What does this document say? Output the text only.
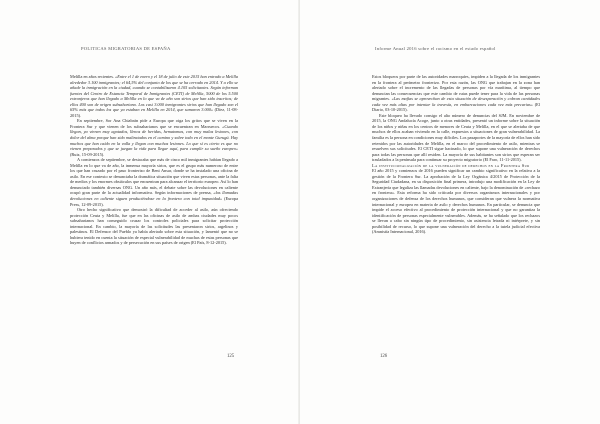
POLITICAS MIGRATORIAS DE ESPAÑA

Melilla en años recientes. «Entre el 1 de enero y el 18 de julio de este 2015 han entrado a Melilla alrededor 3.100 inmigrantes; el 64,5% del conjunto de los que se ha cerrado en 2014. Y a ello se añade la inmigración en la ciudad, cuando se contabilizaron 4.105 solicitantes. Según informan fuentes del Centro de Estancia Temporal de Inmigrantes (CETI) de Melilla, 5000 de los 5.500 extranjeros que han llegado a Melilla en lo que va de año son sirios que han sido inscritos; de ellos 400 son de origen subsahariano. Los casi 3.000 inmigrantes sirios que han llegado son el 65% más que todos los que ya estaban en Melilla en 2014, que sumaron 3.000» (Díez, 11-08-2015).

En septiembre, Sor Ana Chiabrán pide a Europa que oiga los gritos que se viven en la Frontera Sur y que vienen de los subsaharianos que se encuentran en Marruecos. «Cuando llegan, ya vienen muy agotados, llenos de heridas, hematomas, con muy malas lesiones, con dolor del alma porque han sido maltratados en el camino y sobre todo en el monte Gurugú. Hay muchos que han caído en la valla y llegan con muchas lesiones. Lo que sí es cierto es que no vienen preparados y que se juegan la vida para llegar aquí, para cumplir su sueño europeo» (Ruiz, 15-09-2015).

A comienzos de septiembre, se destacaba que más de cinco mil inmigrantes habían llegado a Melilla en lo que va de año, la inmensa mayoría sirios, que es el grupo más numeroso de entre los que han cruzado por el paso fronterizo de Beni Ansar, donde se ha instalado una oficina de asilo. En ese contexto se denunciaba la dramática situación que viven estas personas, ante la falta de medios y los enormes obstáculos que encuentran para alcanzar el territorio europeo. Así lo han denunciado también diversas ONG. Un año más, el debate sobre las devoluciones en caliente ocupó gran parte de la actualidad informativa. Según informaciones de prensa, «las llamadas devoluciones en caliente siguen produciéndose en la frontera con total impunidad» (Europa Press, 12-09-2015).

Otro hecho significativo que demostró la dificultad de acceder al asilo, aún ofreciendo protección Ceuta y Melilla, fue que en las oficinas de asilo de ambas ciudades muy pocos subsaharianos han conseguido cruzar los controles policiales para solicitar protección internacional. En cambio, la mayoría de las solicitudes las presentaron sirios, argelinos y palestinos. El Defensor del Pueblo ya había alertado sobre esta situación, y lamentó que no se hubiera tenido en cuenta la situación de especial vulnerabilidad de muchas de estas personas que huyen de conflictos armados y de persecución en sus países de origen (El País, 8-12-2015).

125
Informe Anual 2016 sobre el racismo en el estado español

Estos bloqueos por parte de las autoridades marroquíes, impiden a la llegada de los inmigrantes en la frontera al perímetro fronterizo. Por esta razón, las ONG que trabajan en la zona han alertado sobre el incremento de las llegadas de personas por vía marítima, al tiempo que denuncian las consecuencias que este cambio de rutas puede tener para la vida de las personas migrantes. «Las mafias se aprovechan de esta situación de desesperación y cobran cantidades cada vez más altas por intentar la travesía, en embarcaciones cada vez más precarias» (El Diario, 03-10-2015).

Este bloqueo ha llevado consigo el alto número de denuncias del SJM. En noviembre de 2015, la ONG Andalucía Acoge, junto a otras entidades, presentó un informe sobre la situación de los niños y niñas en los centros de menores de Ceuta y Melilla, en el que se alertaba de que muchos de ellos acaban viviendo en la calle, expuestos a situaciones de gran vulnerabilidad. La familia es la persona en condiciones muy difíciles. Los pasaportes de la mayoría de ellos han sido retenidos por las autoridades de Melilla, en el marco del procedimiento de asilo, mientras se resuelven sus solicitudes. El CETI sigue hacinado, lo que supone una vulneración de derechos para todas las personas que allí residen. La mayoría de sus habitantes son sirios que esperan ser trasladados a la península para continuar su proyecto migratorio (El Faro, 11-11-2015).

La institucionalización de la vulneración de derechos en la Frontera Sur

El año 2015 y comienzos de 2016 pueden significar un cambio significativo en la relativa a la gestión de la Frontera Sur. La aprobación de la Ley Orgánica 4/2015 de Protección de la Seguridad Ciudadana, en su disposición final primera, introdujo una modificación en la Ley de Extranjería que legaliza las llamadas devoluciones en caliente, bajo la denominación de «rechazo en frontera». Esta reforma ha sido criticada por diversos organismos internacionales y por organizaciones de defensa de los derechos humanos, que consideran que vulnera la normativa internacional y europea en materia de asilo y derechos humanos. En particular, se denuncia que impide el acceso efectivo al procedimiento de protección internacional y que no garantiza la identificación de personas especialmente vulnerables. Además, se ha señalado que los rechazos se llevan a cabo sin ningún tipo de procedimiento, sin asistencia letrada ni intérprete, y sin posibilidad de recurso, lo que supone una vulneración del derecho a la tutela judicial efectiva (Amnistía Internacional, 2016).

126
